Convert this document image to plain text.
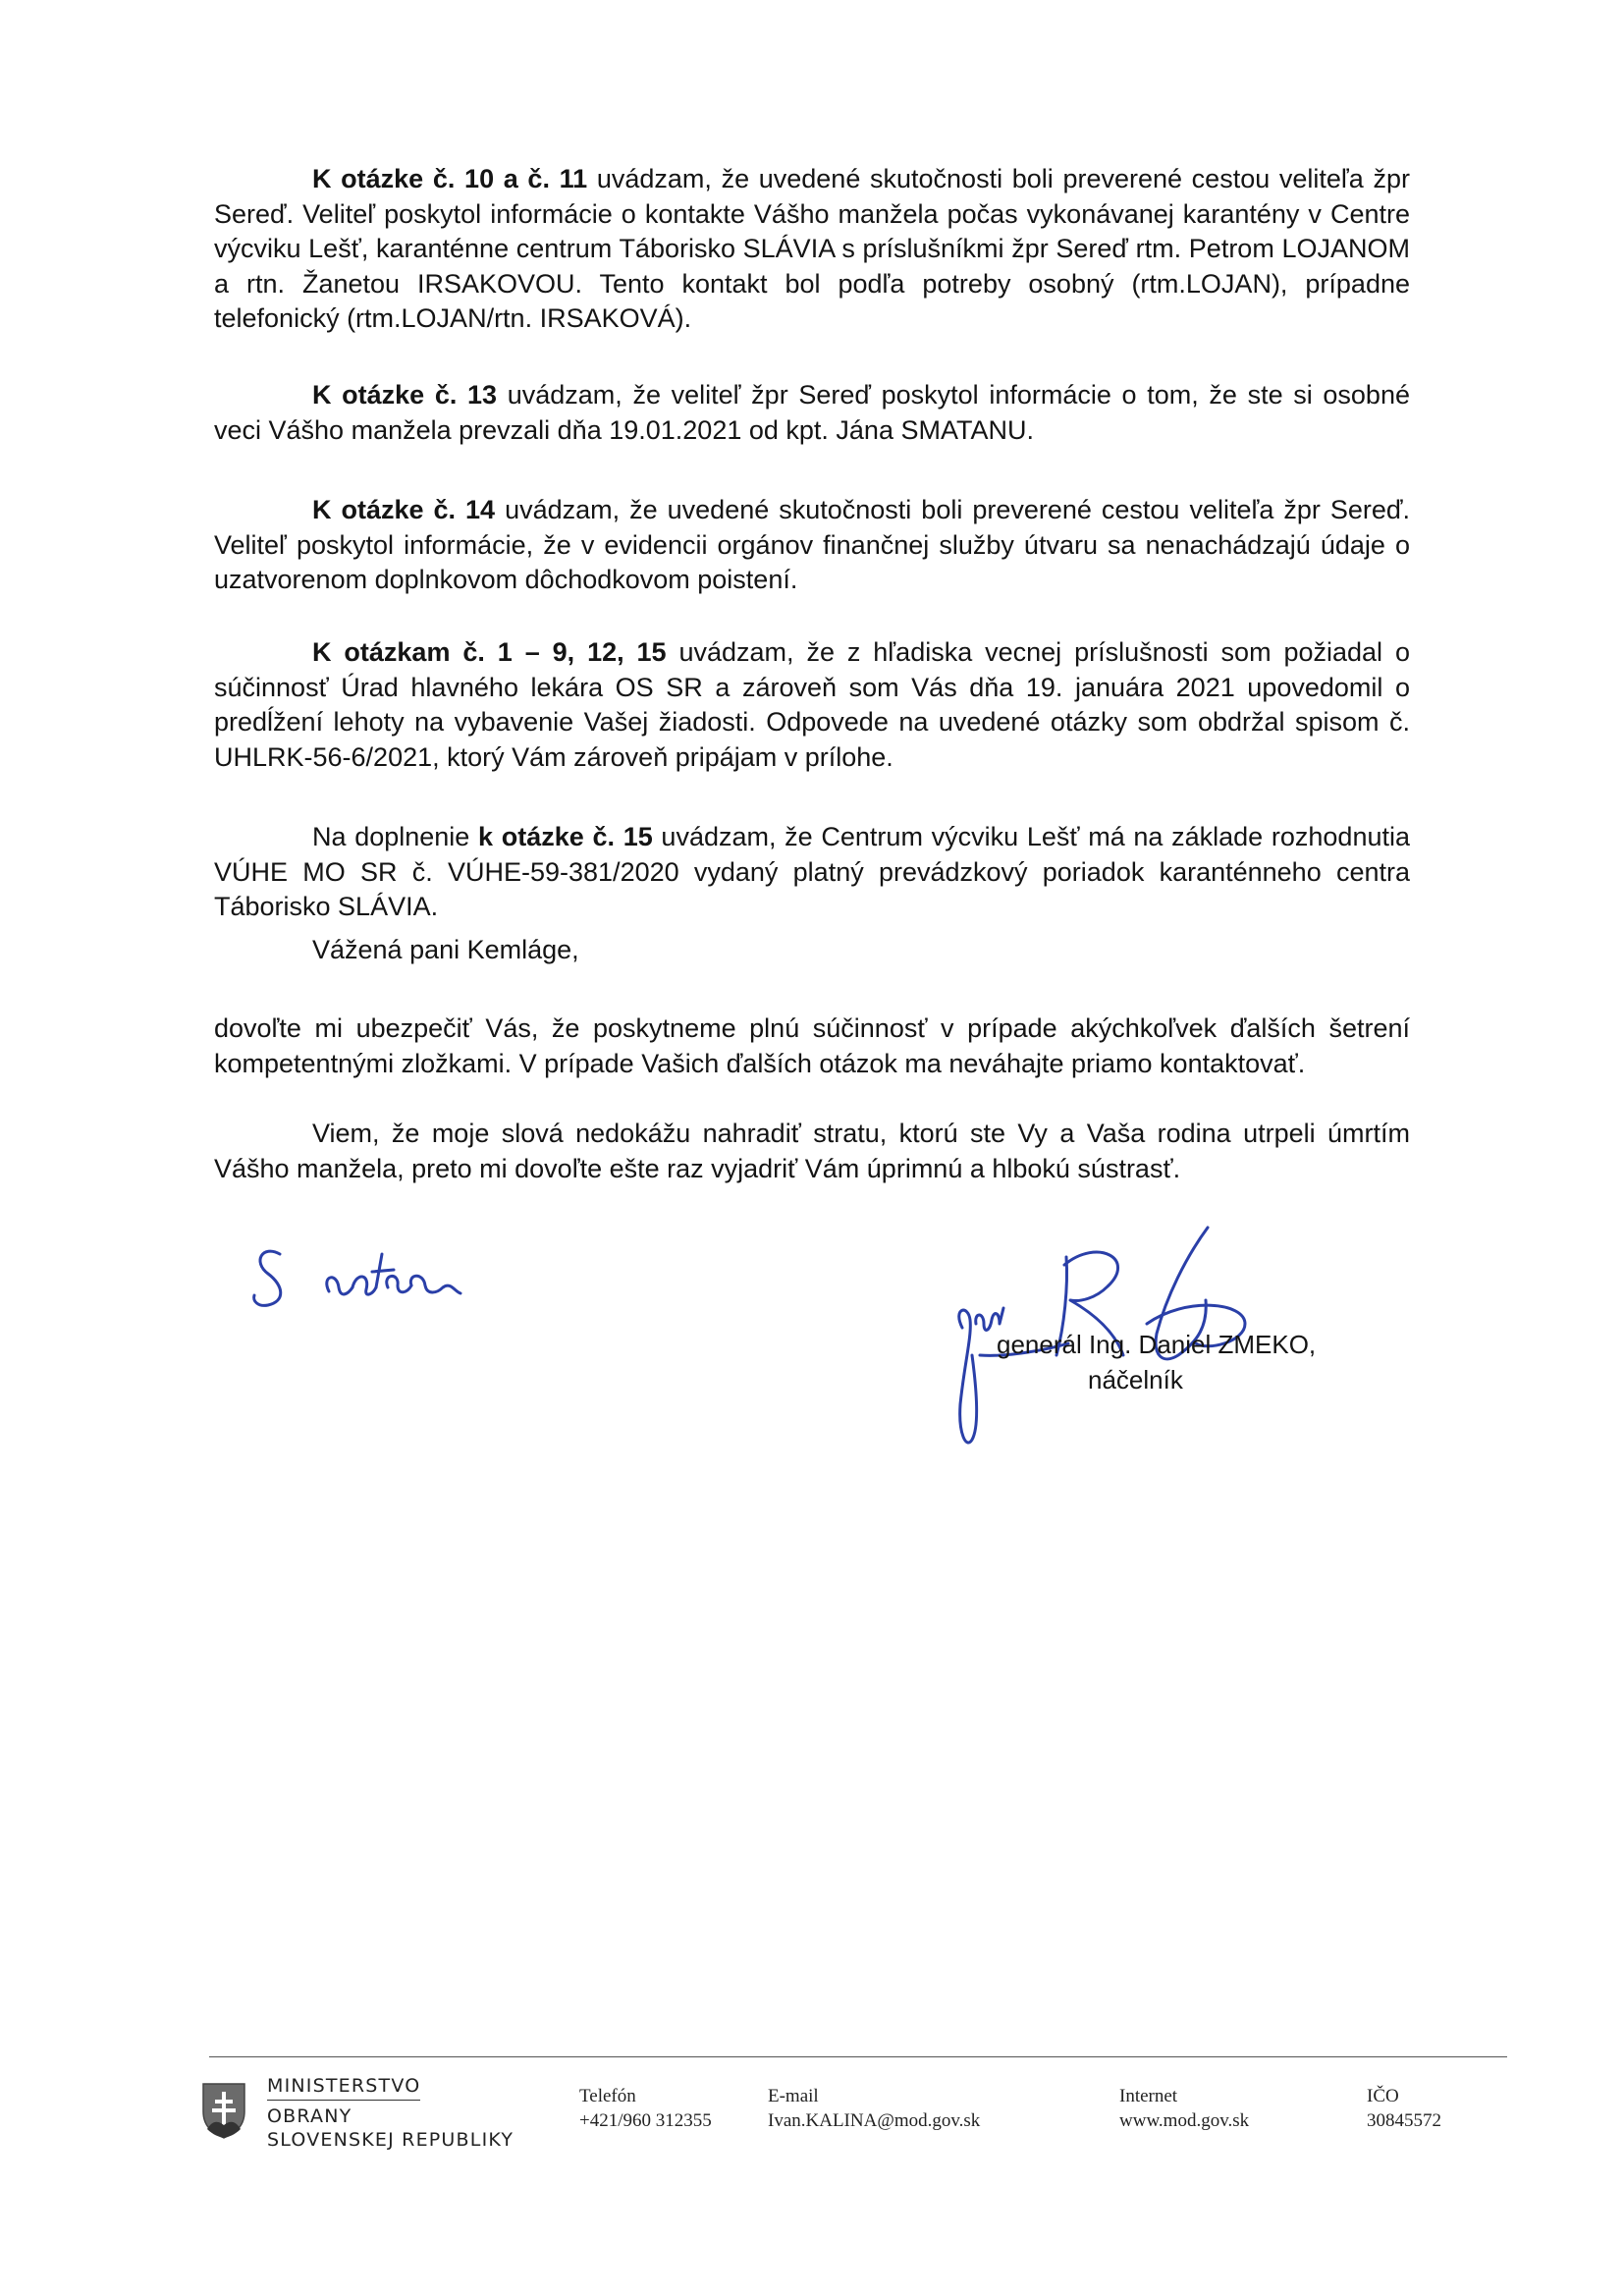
K otázke č. 10 a č. 11 uvádzam, že uvedené skutočnosti boli preverené cestou veliteľa žpr Sereď. Veliteľ poskytol informácie o kontakte Vášho manžela počas vykonávanej karantény v Centre výcviku Lešť, karanténne centrum Táborisko SLÁVIA s príslušníkmi žpr Sereď rtm. Petrom LOJANOM a rtn. Žanetou IRSAKOVOU. Tento kontakt bol podľa potreby osobný (rtm.LOJAN), prípadne telefonický (rtm.LOJAN/rtn. IRSAKOVÁ).

K otázke č. 13 uvádzam, že veliteľ žpr Sereď poskytol informácie o tom, že ste si osobné veci Vášho manžela prevzali dňa 19.01.2021 od kpt. Jána SMATANU.

K otázke č. 14 uvádzam, že uvedené skutočnosti boli preverené cestou veliteľa žpr Sereď. Veliteľ poskytol informácie, že v evidencii orgánov finančnej služby útvaru sa nenachádzajú údaje o uzatvorenom doplnkovom dôchodkovom poistení.

K otázkam č. 1 – 9, 12, 15 uvádzam, že z hľadiska vecnej príslušnosti som požiadal o súčinnosť Úrad hlavného lekára OS SR a zároveň som Vás dňa 19. januára 2021 upovedomil o predĺžení lehoty na vybavenie Vašej žiadosti. Odpovede na uvedené otázky som obdržal spisom č. UHLRK-56-6/2021, ktorý Vám zároveň pripájam v prílohe.

Na doplnenie k otázke č. 15 uvádzam, že Centrum výcviku Lešť má na základe rozhodnutia VÚHE MO SR č. VÚHE-59-381/2020 vydaný platný prevádzkový poriadok karanténneho centra Táborisko SLÁVIA.

Vážená pani Kemláge,

dovoľte mi ubezpečiť Vás, že poskytneme plnú súčinnosť v prípade akýchkoľvek ďalších šetrení kompetentnými zložkami. V prípade Vašich ďalších otázok ma neváhajte priamo kontaktovať.

Viem, že moje slová nedokážu nahradiť stratu, ktorú ste Vy a Vaša rodina utrpeli úmrtím Vášho manžela, preto mi dovoľte ešte raz vyjadriť Vám úprimnú a hlbokú sústrasť.

generál Ing. Daniel ZMEKO,
náčelník
MINISTERSTVO
OBRANY
SLOVENSKEJ REPUBLIKY
Telefón
+421/960 312355
E-mail
Ivan.KALINA@mod.gov.sk
Internet
www.mod.gov.sk
IČO
30845572
